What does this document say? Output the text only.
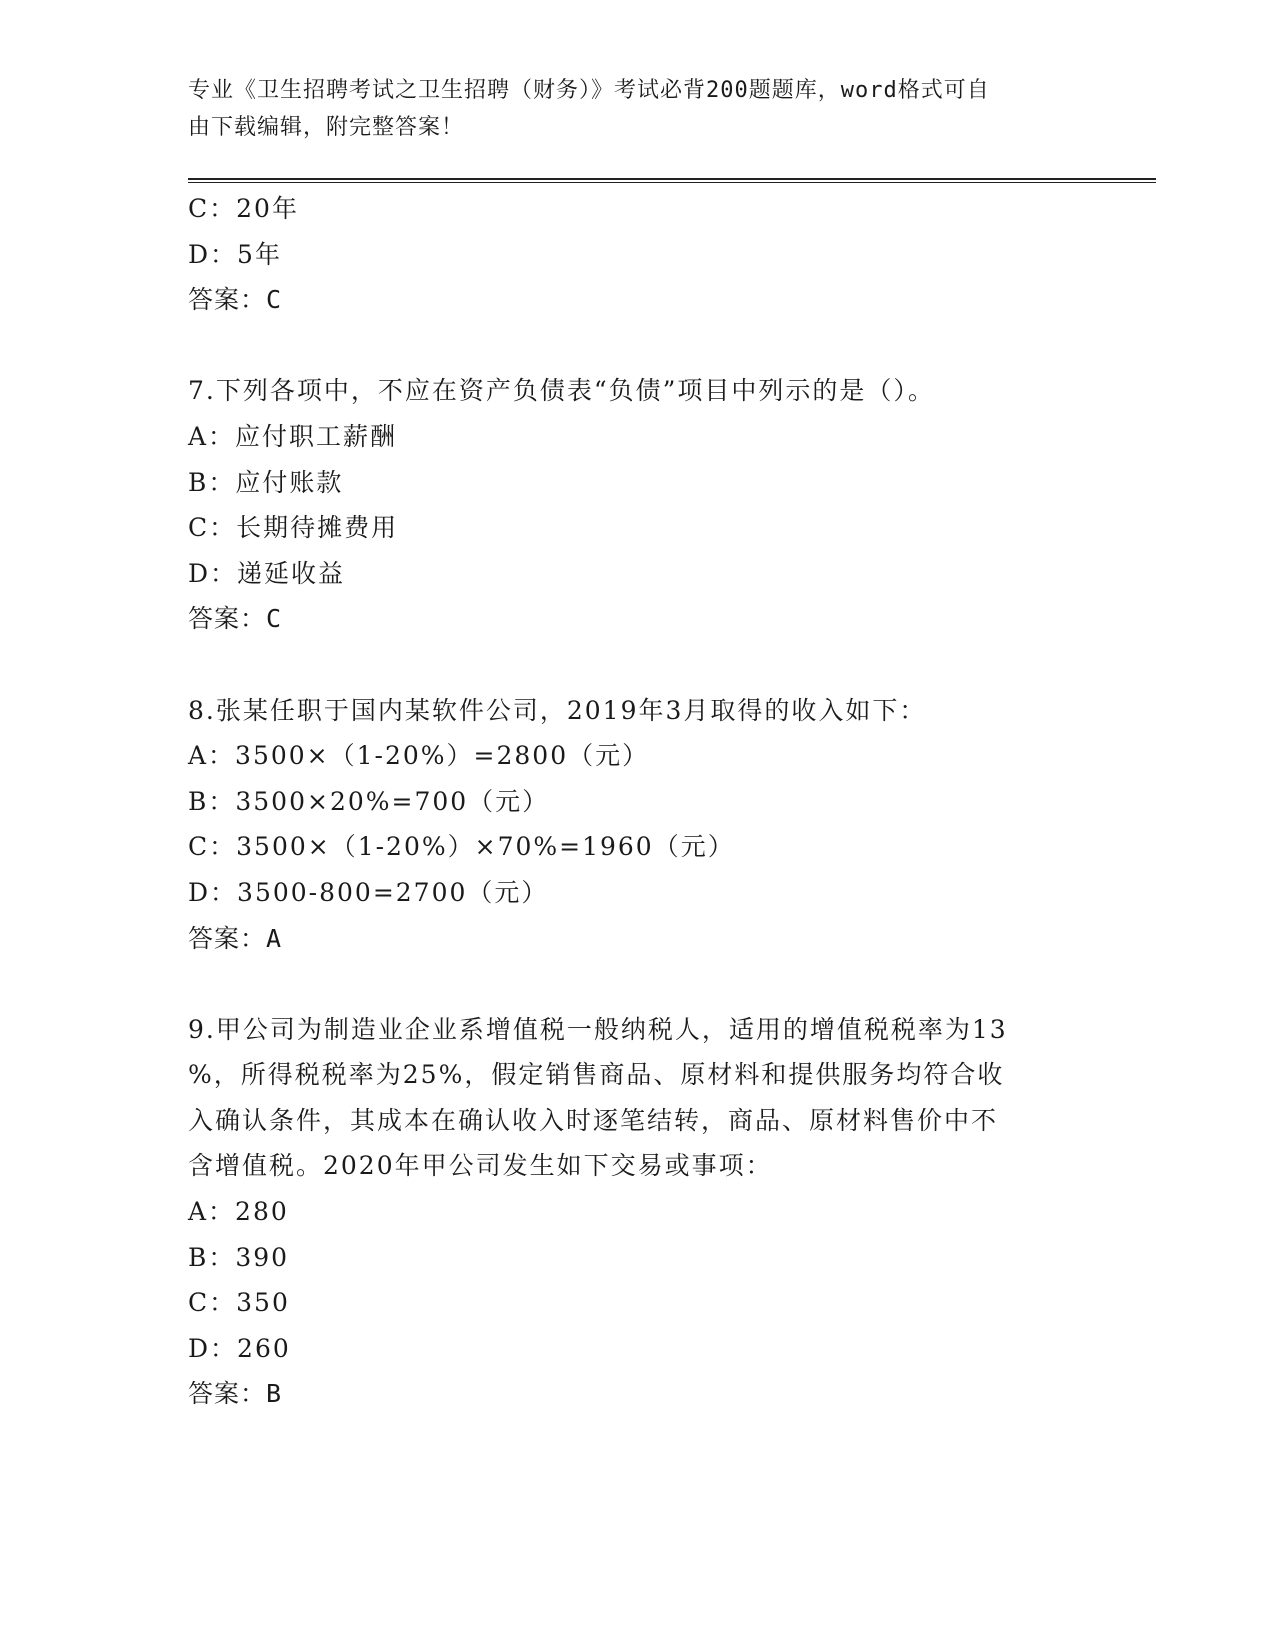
专业《卫生招聘考试之卫生招聘（财务）》考试必背200题题库，word格式可自
由下载编辑，附完整答案！
C：20年
D：5年
答案：C
7.下列各项中，不应在资产负债表“负债”项目中列示的是（）。
A：应付职工薪酬
B：应付账款
C：长期待摊费用
D：递延收益
答案：C
8.张某任职于国内某软件公司，2019年3月取得的收入如下：
A：3500×（1-20%）=2800（元）
B：3500×20%=700（元）
C：3500×（1-20%）×70%=1960（元）
D：3500-800=2700（元）
答案：A
9.甲公司为制造业企业系增值税一般纳税人，适用的增值税税率为13
%，所得税税率为25%，假定销售商品、原材料和提供服务均符合收
入确认条件，其成本在确认收入时逐笔结转，商品、原材料售价中不
含增值税。2020年甲公司发生如下交易或事项：
A：280
B：390
C：350
D：260
答案：B
